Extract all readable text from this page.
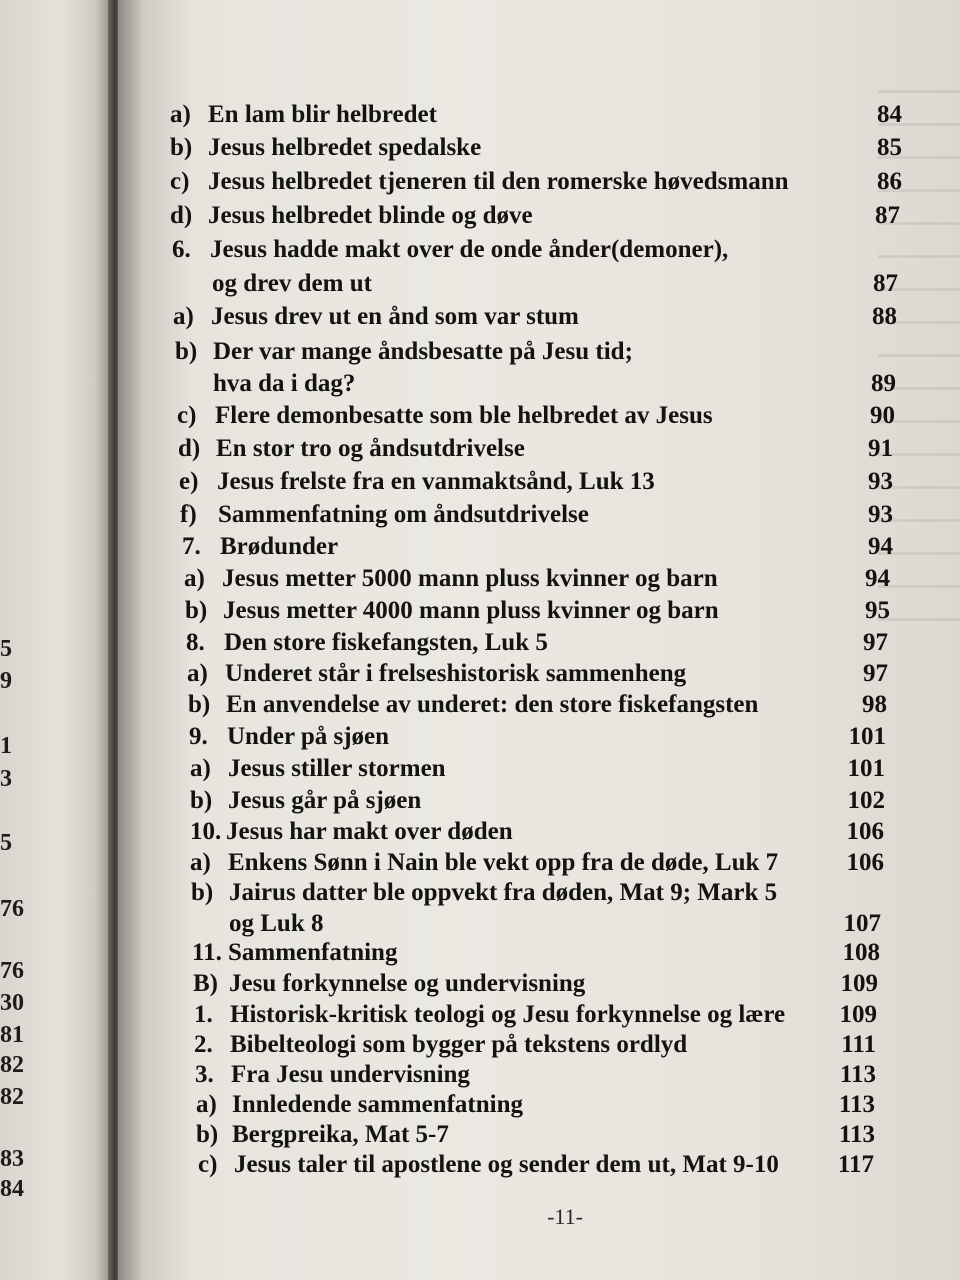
5
9
1
3
5
76
76
30
81
82
82
83
84
a) En lam blir helbredet	84
b) Jesus helbredet spedalske	85
c) Jesus helbredet tjeneren til den romerske høvedsmann	86
d) Jesus helbredet blinde og døve	87
6. Jesus hadde makt over de onde ånder(demoner),
og drev dem ut	87
a) Jesus drev ut en ånd som var stum	88
b) Der var mange åndsbesatte på Jesu tid;
hva da i dag?	89
c) Flere demonbesatte som ble helbredet av Jesus	90
d) En stor tro og åndsutdrivelse	91
e) Jesus frelste fra en vanmaktsånd, Luk 13	93
f) Sammenfatning om åndsutdrivelse	93
7. Brødunder	94
a) Jesus metter 5000 mann pluss kvinner og barn	94
b) Jesus metter 4000 mann pluss kvinner og barn	95
8. Den store fiskefangsten, Luk 5	97
a) Underet står i frelseshistorisk sammenheng	97
b) En anvendelse av underet: den store fiskefangsten	98
9. Under på sjøen	101
a) Jesus stiller stormen	101
b) Jesus går på sjøen	102
10. Jesus har makt over døden	106
a) Enkens Sønn i Nain ble vekt opp fra de døde, Luk 7	106
b) Jairus datter ble oppvekt fra døden, Mat 9; Mark 5
og Luk 8	107
11. Sammenfatning	108
B) Jesu forkynnelse og undervisning	109
1. Historisk-kritisk teologi og Jesu forkynnelse og lære 109
2. Bibelteologi som bygger på tekstens ordlyd	111
3. Fra Jesu undervisning	113
a) Innledende sammenfatning	113
b) Bergpreika, Mat 5-7	113
c) Jesus taler til apostlene og sender dem ut, Mat 9-10 117
-11-
